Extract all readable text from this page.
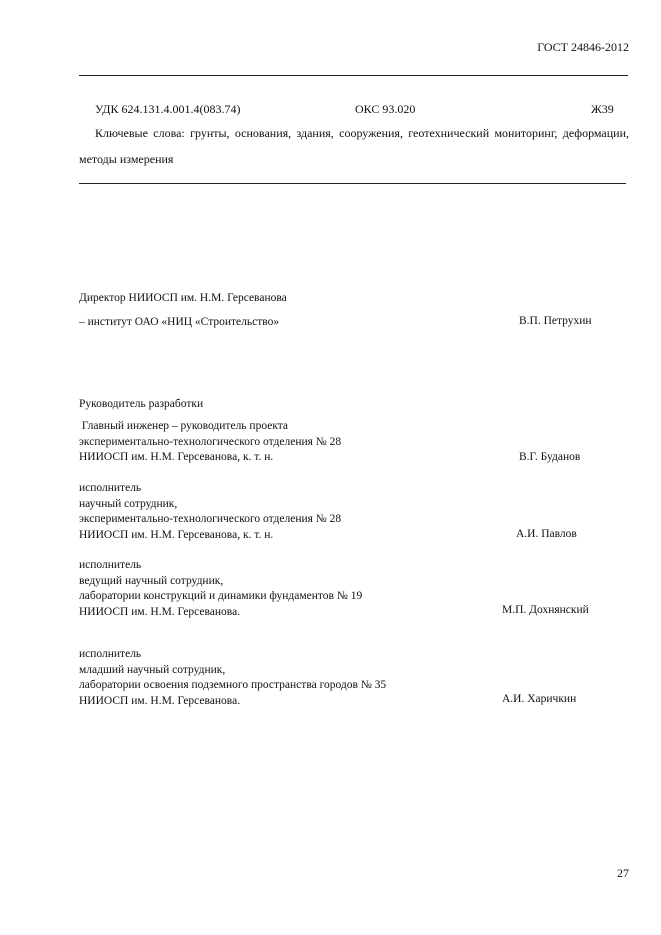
ГОСТ 24846-2012
УДК 624.131.4.001.4(083.74)	ОКС 93.020	Ж39
Ключевые слова: грунты, основания, здания, сооружения, геотехнический мониторинг, деформации, методы измерения
Директор НИИОСП им. Н.М. Герсеванова
– институт ОАО «НИЦ «Строительство»	В.П. Петрухин
Руководитель разработки
Главный инженер – руководитель проекта
экспериментально-технологического отделения № 28
НИИОСП им. Н.М. Герсеванова, к. т. н.	В.Г. Буданов
исполнитель
научный сотрудник,
экспериментально-технологического отделения № 28
НИИОСП им. Н.М. Герсеванова, к. т. н.	А.И. Павлов
исполнитель
ведущий научный сотрудник,
лаборатории конструкций и динамики фундаментов № 19
НИИОСП им. Н.М. Герсеванова.	М.П. Дохнянский
исполнитель
младший научный сотрудник,
лаборатории освоения подземного пространства городов № 35
НИИОСП им. Н.М. Герсеванова.	А.И. Харичкин
27
